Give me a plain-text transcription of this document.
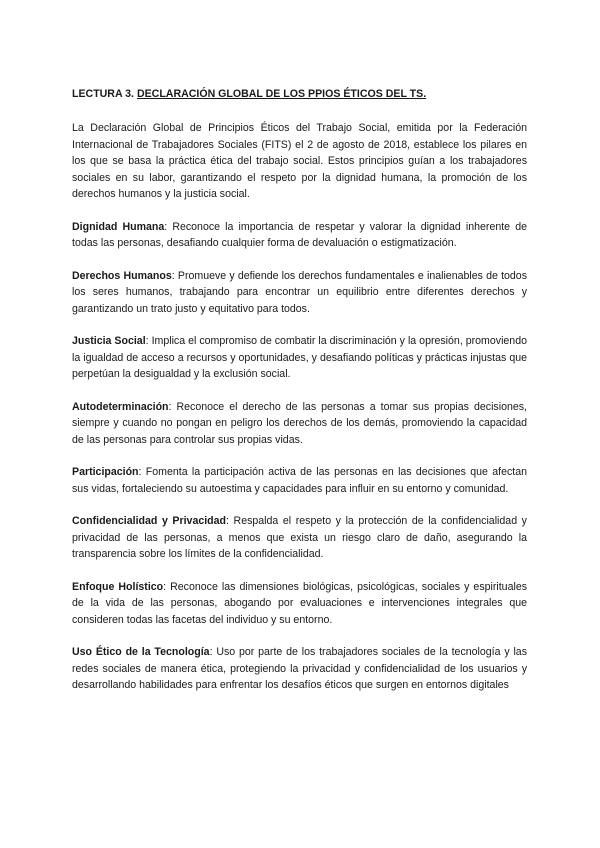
LECTURA 3. DECLARACIÓN GLOBAL DE LOS PPIOS ÉTICOS DEL TS.

La Declaración Global de Principios Éticos del Trabajo Social, emitida por la Federación Internacional de Trabajadores Sociales (FITS) el 2 de agosto de 2018, establece los pilares en los que se basa la práctica ética del trabajo social. Estos principios guían a los trabajadores sociales en su labor, garantizando el respeto por la dignidad humana, la promoción de los derechos humanos y la justicia social.

Dignidad Humana: Reconoce la importancia de respetar y valorar la dignidad inherente de todas las personas, desafiando cualquier forma de devaluación o estigmatización.

Derechos Humanos: Promueve y defiende los derechos fundamentales e inalienables de todos los seres humanos, trabajando para encontrar un equilibrio entre diferentes derechos y garantizando un trato justo y equitativo para todos.

Justicia Social: Implica el compromiso de combatir la discriminación y la opresión, promoviendo la igualdad de acceso a recursos y oportunidades, y desafiando políticas y prácticas injustas que perpetúan la desigualdad y la exclusión social.

Autodeterminación: Reconoce el derecho de las personas a tomar sus propias decisiones, siempre y cuando no pongan en peligro los derechos de los demás, promoviendo la capacidad de las personas para controlar sus propias vidas.

Participación: Fomenta la participación activa de las personas en las decisiones que afectan sus vidas, fortaleciendo su autoestima y capacidades para influir en su entorno y comunidad.

Confidencialidad y Privacidad: Respalda el respeto y la protección de la confidencialidad y privacidad de las personas, a menos que exista un riesgo claro de daño, asegurando la transparencia sobre los límites de la confidencialidad.

Enfoque Holístico: Reconoce las dimensiones biológicas, psicológicas, sociales y espirituales de la vida de las personas, abogando por evaluaciones e intervenciones integrales que consideren todas las facetas del individuo y su entorno.

Uso Ético de la Tecnología: Uso por parte de los trabajadores sociales de la tecnología y las redes sociales de manera ética, protegiendo la privacidad y confidencialidad de los usuarios y desarrollando habilidades para enfrentar los desafíos éticos que surgen en entornos digitales
